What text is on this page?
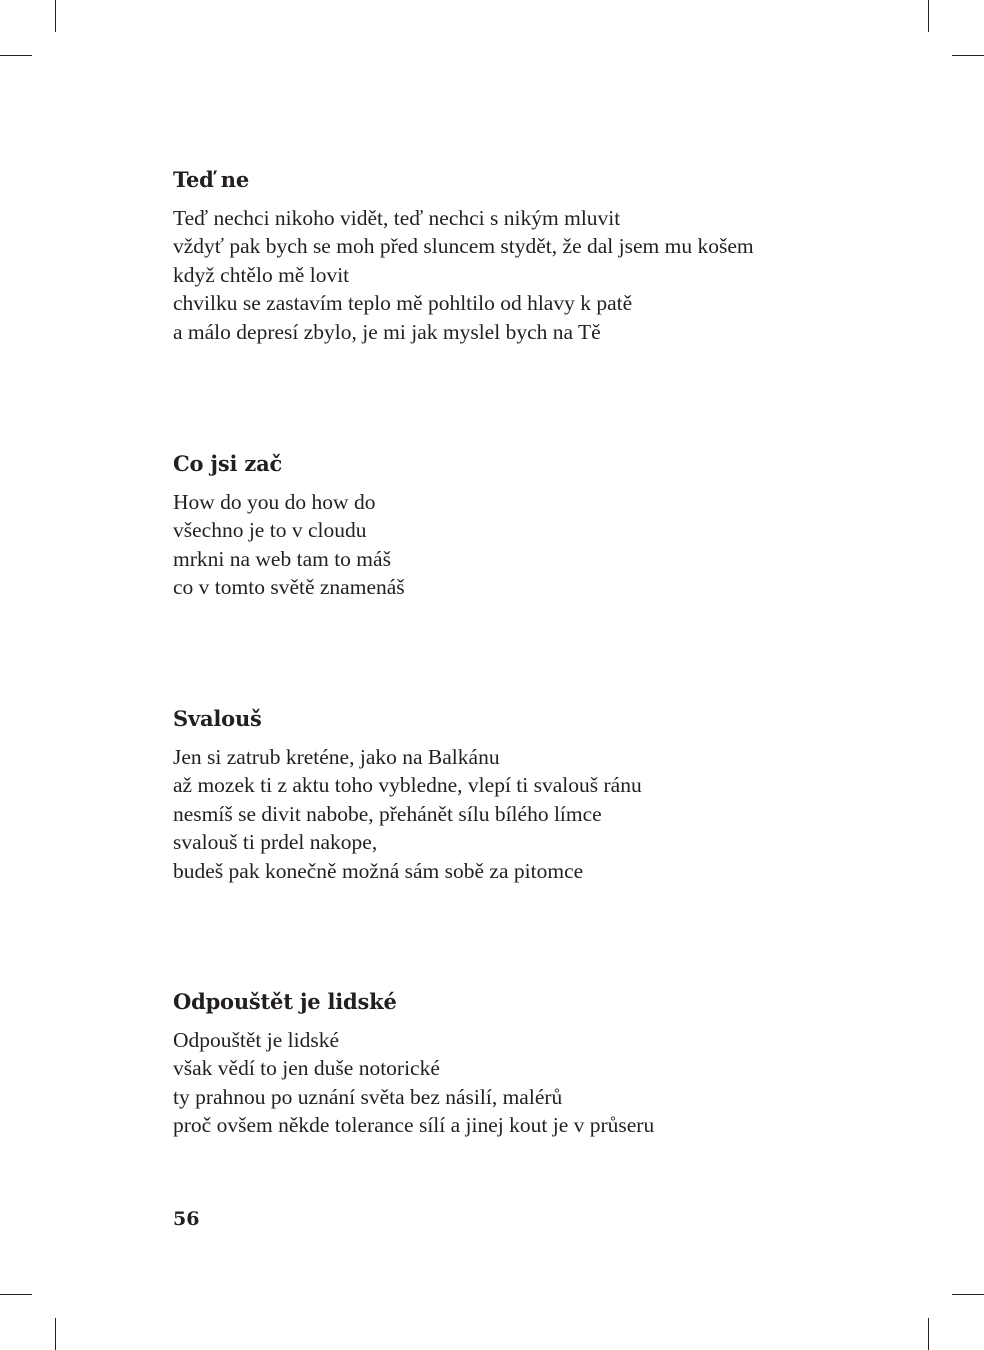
Teď ne
Teď nechci nikoho vidět, teď nechci s nikým mluvit
vždyť pak bych se moh před sluncem stydět, že dal jsem mu košem
když chtělo mě lovit
chvilku se zastavím teplo mě pohltilo od hlavy k patě
a málo depresí zbylo, je mi jak myslel bych na Tě
Co jsi zač
How do you do how do
všechno je to v cloudu
mrkni na web tam to máš
co v tomto světě znamenáš
Svalouš
Jen si zatrub kreténe, jako na Balkánu
až mozek ti z aktu toho vybledne, vlepí ti svalouš ránu
nesmíš se divit nabobe, přehánět sílu bílého límce
svalouš ti prdel nakope,
budeš pak konečně možná sám sobě za pitomce
Odpouštět je lidské
Odpouštět je lidské
však vědí to jen duše notorické
ty prahnou po uznání světa bez násilí, malérů
proč ovšem někde tolerance sílí a jinej kout je v průseru
56
